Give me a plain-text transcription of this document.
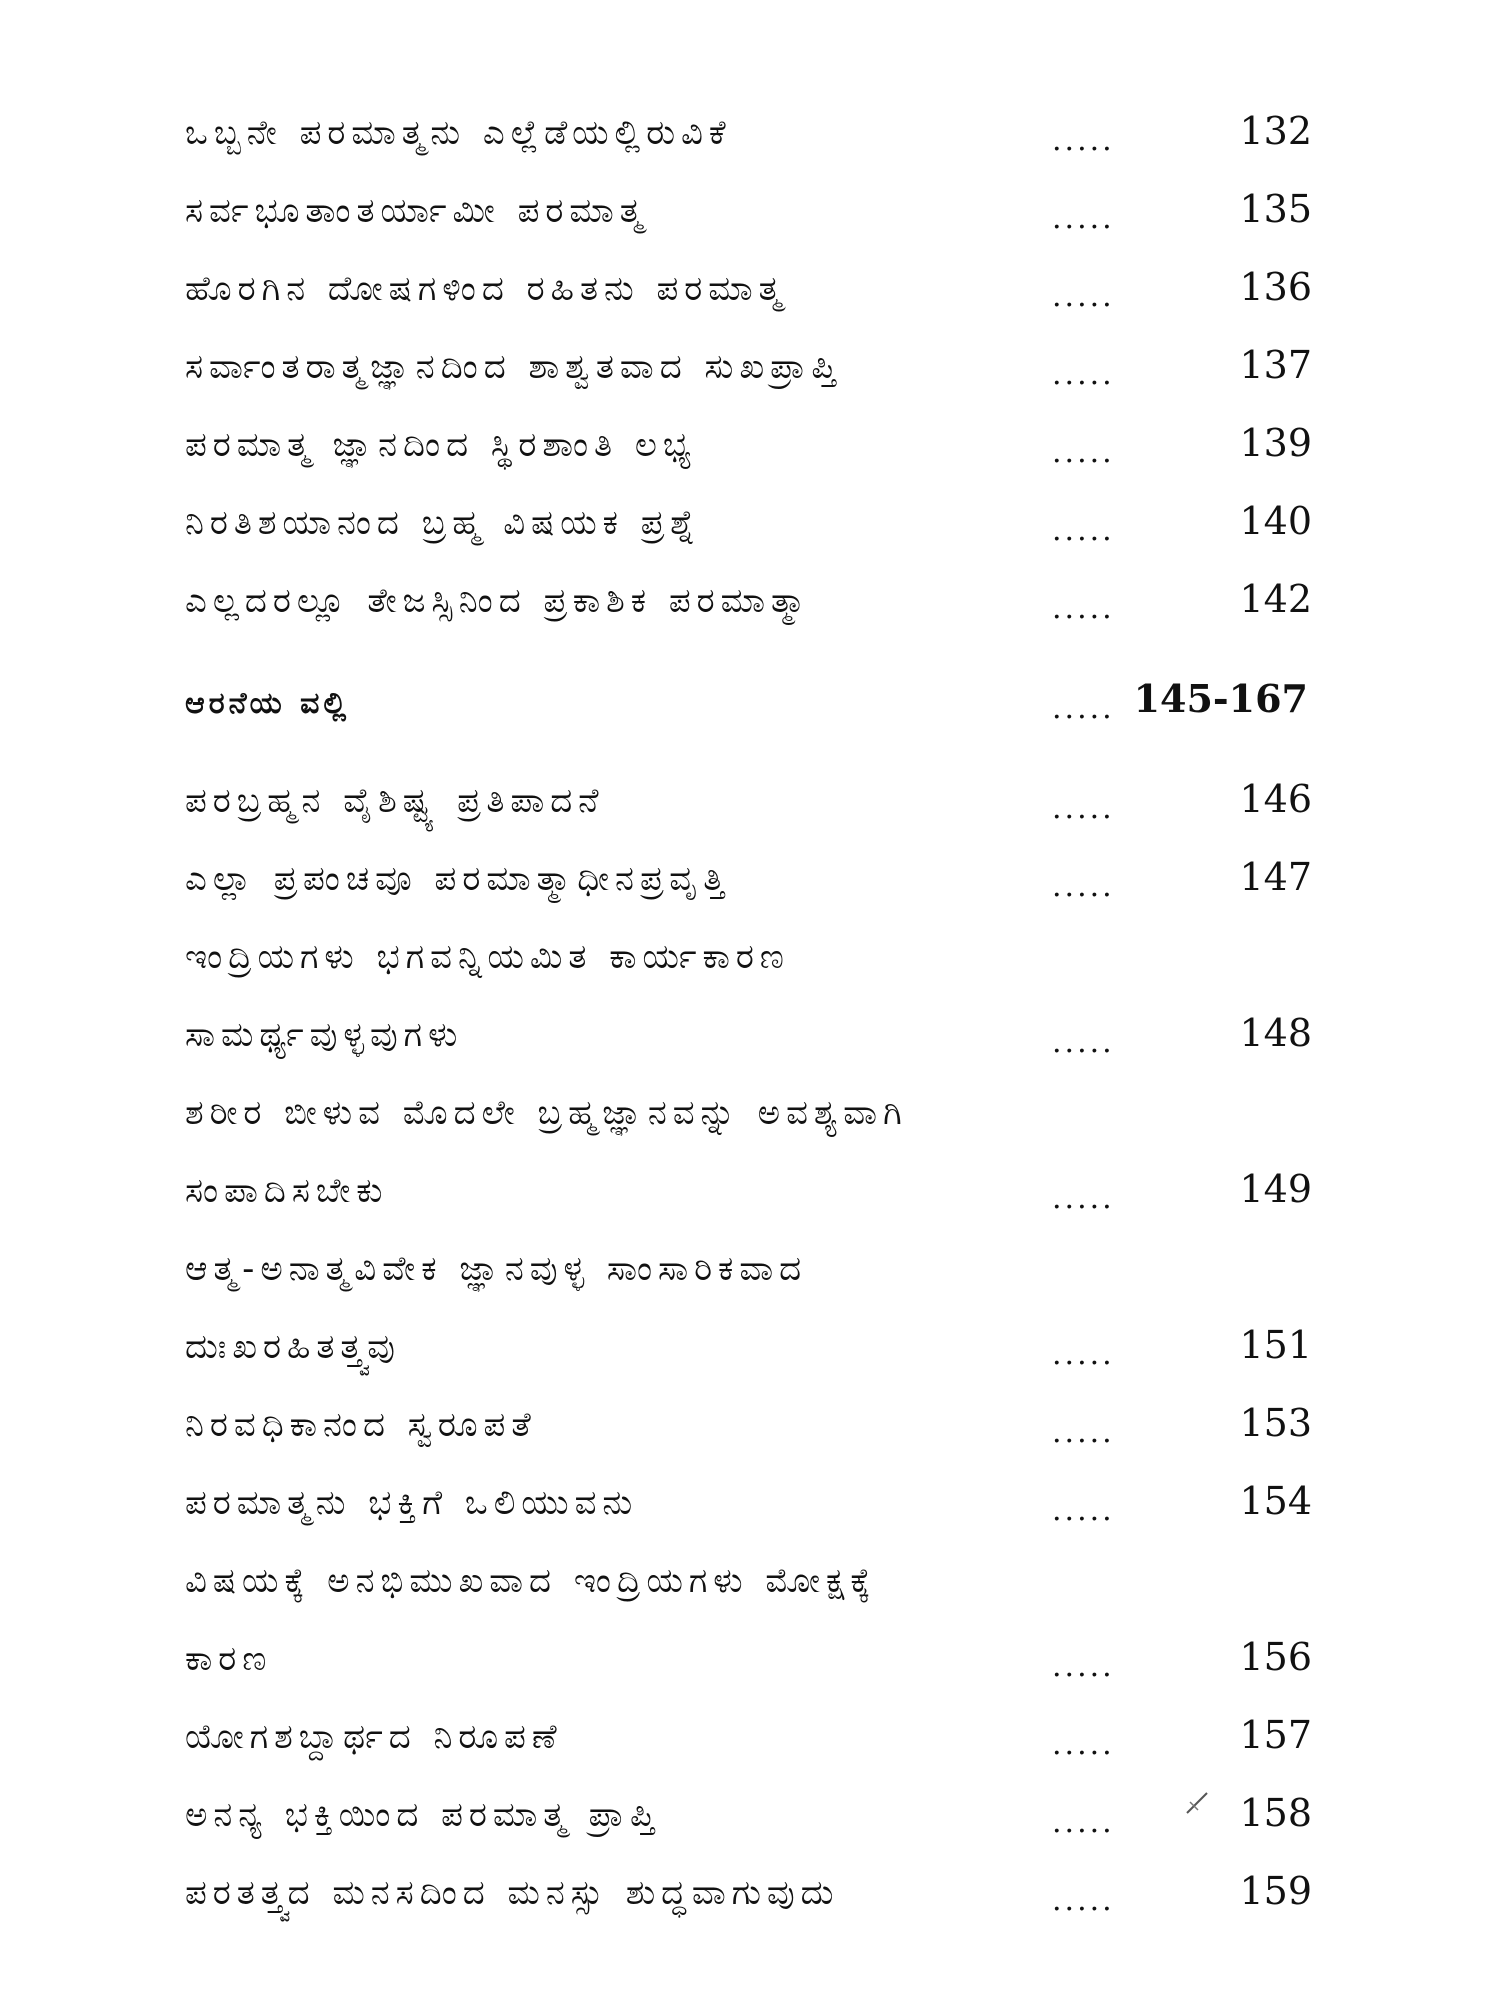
ಒಬ್ಬನೇ ಪರಮಾತ್ಮನು ಎಲ್ಲೆಡೆಯಲ್ಲಿರುವಿಕೆ	.....	132
ಸರ್ವಭೂತಾಂತರ್ಯಾಮೀ ಪರಮಾತ್ಮ	.....	135
ಹೊರಗಿನ ದೋಷಗಳಿಂದ ರಹಿತನು ಪರಮಾತ್ಮ	.....	136
ಸರ್ವಾಂತರಾತ್ಮಜ್ಞಾನದಿಂದ ಶಾಶ್ವತವಾದ ಸುಖಪ್ರಾಪ್ತಿ	.....	137
ಪರಮಾತ್ಮ ಜ್ಞಾನದಿಂದ ಸ್ಥಿರಶಾಂತಿ ಲಭ್ಯ	.....	139
ನಿರತಿಶಯಾನಂದ ಬ್ರಹ್ಮ ವಿಷಯಕ ಪ್ರಶ್ನೆ	.....	140
ಎಲ್ಲದರಲ್ಲೂ ತೇಜಸ್ಸಿನಿಂದ ಪ್ರಕಾಶಿಕ ಪರಮಾತ್ಮಾ	.....	142
ಆರನೆಯ ವಲ್ಲಿ	..... 145-167
ಪರಬ್ರಹ್ಮನ ವೈಶಿಷ್ಟ್ಯ ಪ್ರತಿಪಾದನೆ	.....	146
ಎಲ್ಲಾ ಪ್ರಪಂಚವೂ ಪರಮಾತ್ಮಾಧೀನಪ್ರವೃತ್ತಿ	.....	147
ಇಂದ್ರಿಯಗಳು ಭಗವನ್ನಿಯಮಿತ ಕಾರ್ಯಕಾರಣ
ಸಾಮರ್ಥ್ಯವುಳ್ಳವುಗಳು	.....	148
ಶರೀರ ಬೀಳುವ ಮೊದಲೇ ಬ್ರಹ್ಮಜ್ಞಾನವನ್ನು ಅವಶ್ಯವಾಗಿ
ಸಂಪಾದಿಸಬೇಕು	.....	149
ಆತ್ಮ-ಅನಾತ್ಮವಿವೇಕ ಜ್ಞಾನವುಳ್ಳ ಸಾಂಸಾರಿಕವಾದ
ದುಃಖರಹಿತತ್ತ್ವವು	.....	151
ನಿರವಧಿಕಾನಂದ ಸ್ವರೂಪತೆ	.....	153
ಪರಮಾತ್ಮನು ಭಕ್ತಿಗೆ ಒಲಿಯುವನು	.....	154
ವಿಷಯಕ್ಕೆ ಅನಭಿಮುಖವಾದ ಇಂದ್ರಿಯಗಳು ಮೋಕ್ಷಕ್ಕೆ
ಕಾರಣ	.....	156
ಯೋಗಶಬ್ದಾರ್ಥದ ನಿರೂಪಣೆ	.....	157
ಅನನ್ಯ ಭಕ್ತಿಯಿಂದ ಪರಮಾತ್ಮ ಪ್ರಾಪ್ತಿ	.....	158
ಪರತತ್ತ್ವದ ಮನಸದಿಂದ ಮನಸ್ಸು ಶುದ್ಧವಾಗುವುದು	.....	159
